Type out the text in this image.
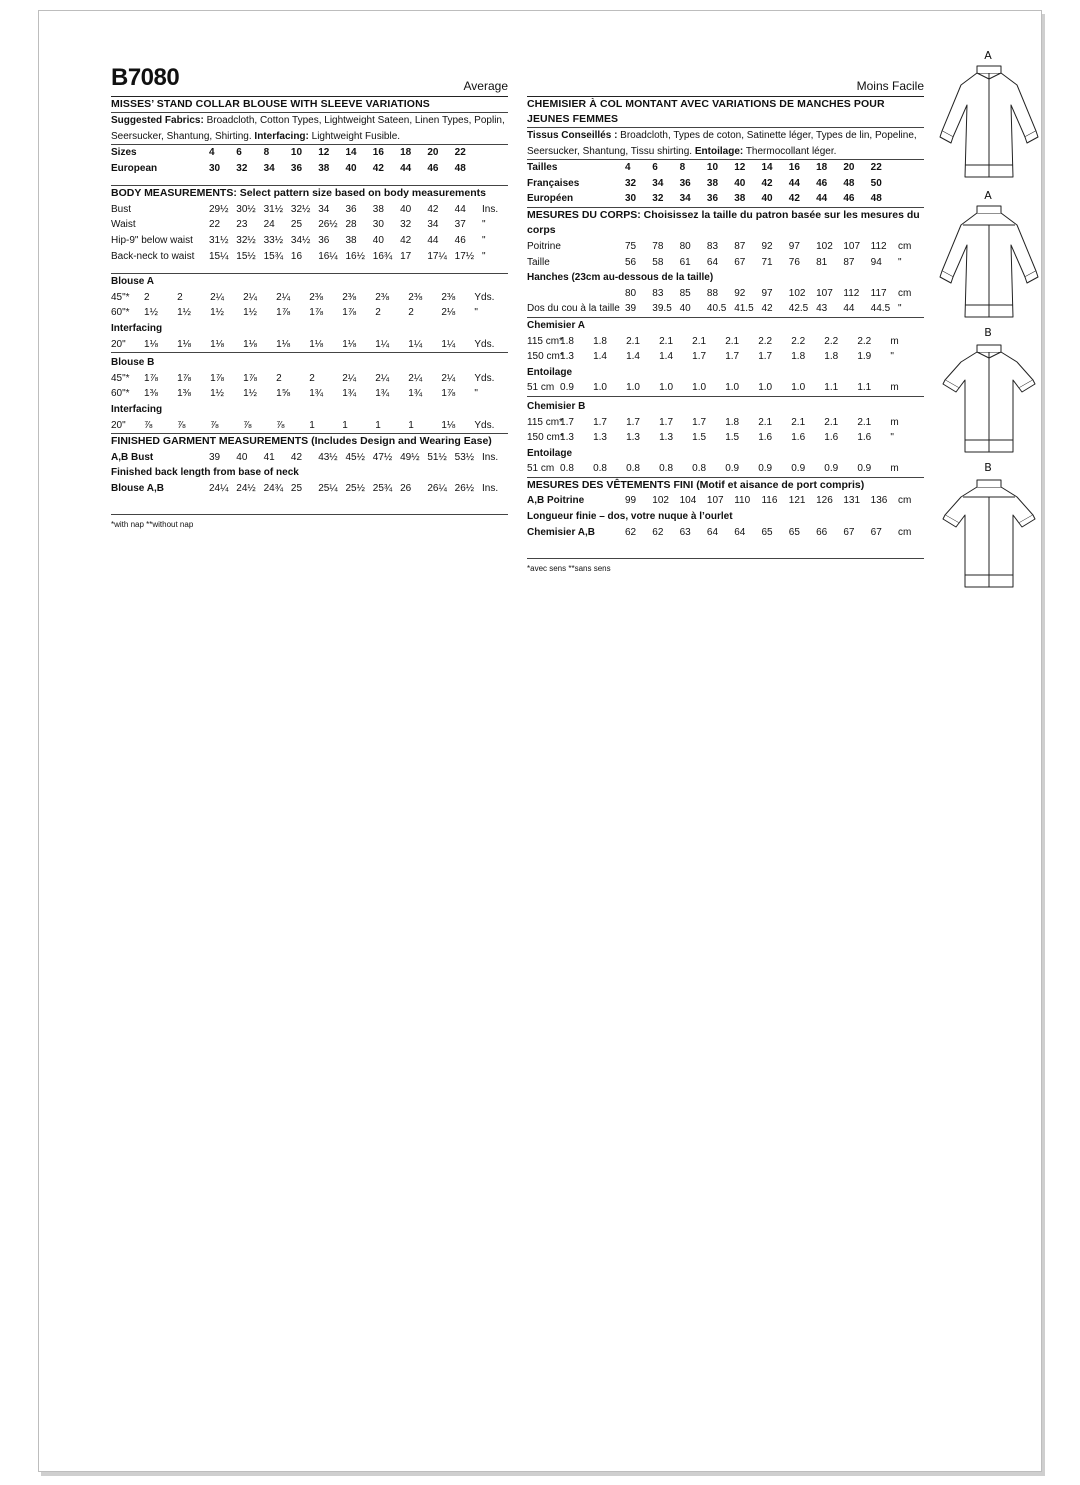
B7080	Average
MISSES’ STAND COLLAR BLOUSE WITH SLEEVE VARIATIONS
Suggested Fabrics: Broadcloth, Cotton Types, Lightweight Sateen, Linen Types, Poplin, Seersucker, Shantung, Shirting. Interfacing: Lightweight Fusible.
Sizes	4	6	8	10	12	14	16	18	20	22	
European	30	32	34	36	38	40	42	44	46	48	
BODY MEASUREMENTS: Select pattern size based on body measurements
Bust	29½	30½	31½	32½	34	36	38	40	42	44	Ins.
Waist	22	23	24	25	26½	28	30	32	34	37	"
Hip-9" below waist	31½	32½	33½	34½	36	38	40	42	44	46	"
Back-neck to waist	15¼	15½	15¾	16	16¼	16½	16¾	17	17¼	17½	"
Blouse A											
45"*	2	2	2¼	2¼	2¼	2⅜	2⅜	2⅜	2⅜	2⅜	Yds.
60"*	1½	1½	1½	1½	1⅞	1⅞	1⅞	2	2	2⅛	"
Interfacing											
20"	1⅛	1⅛	1⅛	1⅛	1⅛	1⅛	1⅛	1¼	1¼	1¼	Yds.

Blouse B											
45"*	1⅞	1⅞	1⅞	1⅞	2	2	2¼	2¼	2¼	2¼	Yds.
60"*	1⅜	1⅜	1½	1½	1⅝	1¾	1¾	1¾	1¾	1⅞	"
Interfacing											
20"	⅞	⅞	⅞	⅞	⅞	1	1	1	1	1⅛	Yds.
FINISHED GARMENT MEASUREMENTS (Includes Design and Wearing Ease)
A,B Bust	39	40	41	42	43½	45½	47½	49½	51½	53½	Ins.
Finished back length from base of neck											
Blouse A,B	24¼	24½	24¾	25	25¼	25½	25¾	26	26¼	26½	Ins.
*with nap **without nap
Moins Facile
CHEMISIER À COL MONTANT AVEC VARIATIONS DE MANCHES POUR JEUNES FEMMES
Tissus Conseillés : Broadcloth, Types de coton, Satinette léger, Types de lin, Popeline, Seersucker, Shantung, Tissu shirting. Entoilage: Thermocollant léger.
Tailles	4	6	8	10	12	14	16	18	20	22	
Françaises	32	34	36	38	40	42	44	46	48	50	
Européen	30	32	34	36	38	40	42	44	46	48	
MESURES DU CORPS: Choisissez la taille du patron basée sur les mesures du corps
Poitrine	75	78	80	83	87	92	97	102	107	112	cm
Taille	56	58	61	64	67	71	76	81	87	94	"
Hanches (23cm au-dessous de la taille)											
	80	83	85	88	92	97	102	107	112	117	cm
Dos du cou à la taille	39	39.5	40	40.5	41.5	42	42.5	43	44	44.5	"
Chemisier A											
115 cm*	1.8	1.8	2.1	2.1	2.1	2.1	2.2	2.2	2.2	2.2	m
150 cm*	1.3	1.4	1.4	1.4	1.7	1.7	1.7	1.8	1.8	1.9	"
Entoilage											
51 cm	0.9	1.0	1.0	1.0	1.0	1.0	1.0	1.0	1.1	1.1	m

Chemisier B											
115 cm*	1.7	1.7	1.7	1.7	1.7	1.8	2.1	2.1	2.1	2.1	m
150 cm*	1.3	1.3	1.3	1.3	1.5	1.5	1.6	1.6	1.6	1.6	"
Entoilage											
51 cm	0.8	0.8	0.8	0.8	0.8	0.9	0.9	0.9	0.9	0.9	m
MESURES DES VÊTEMENTS FINI (Motif et aisance de port compris)
A,B Poitrine	99	102	104	107	110	116	121	126	131	136	cm
Longueur finie – dos, votre nuque à l’ourlet											
Chemisier A,B	62	62	63	64	64	65	65	66	67	67	cm
*avec sens **sans sens
A
A
B
B
